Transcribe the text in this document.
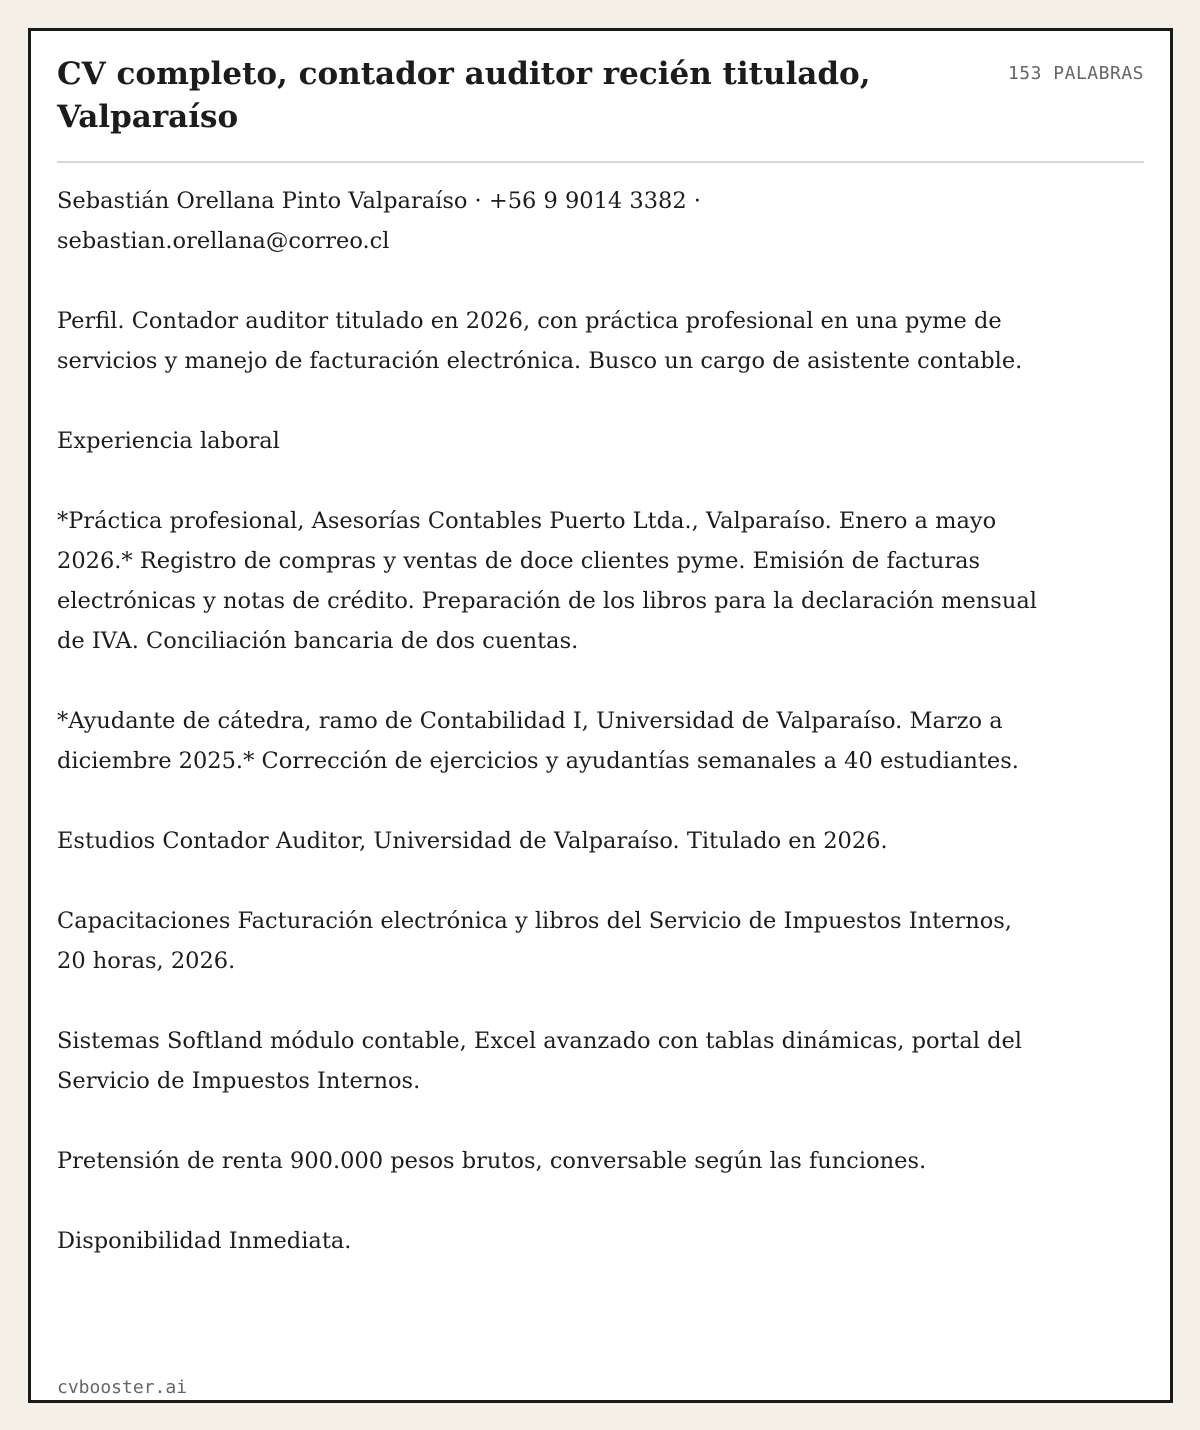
CV completo, contador auditor recién titulado, Valparaíso
153 PALABRAS

Sebastián Orellana Pinto Valparaíso · +56 9 9014 3382 · sebastian.orellana@correo.cl

Perfil. Contador auditor titulado en 2026, con práctica profesional en una pyme de servicios y manejo de facturación electrónica. Busco un cargo de asistente contable.

Experiencia laboral

*Práctica profesional, Asesorías Contables Puerto Ltda., Valparaíso. Enero a mayo 2026.* Registro de compras y ventas de doce clientes pyme. Emisión de facturas electrónicas y notas de crédito. Preparación de los libros para la declaración mensual de IVA. Conciliación bancaria de dos cuentas.

*Ayudante de cátedra, ramo de Contabilidad I, Universidad de Valparaíso. Marzo a diciembre 2025.* Corrección de ejercicios y ayudantías semanales a 40 estudiantes.

Estudios Contador Auditor, Universidad de Valparaíso. Titulado en 2026.

Capacitaciones Facturación electrónica y libros del Servicio de Impuestos Internos, 20 horas, 2026.

Sistemas Softland módulo contable, Excel avanzado con tablas dinámicas, portal del Servicio de Impuestos Internos.

Pretensión de renta 900.000 pesos brutos, conversable según las funciones.

Disponibilidad Inmediata.

cvbooster.ai
